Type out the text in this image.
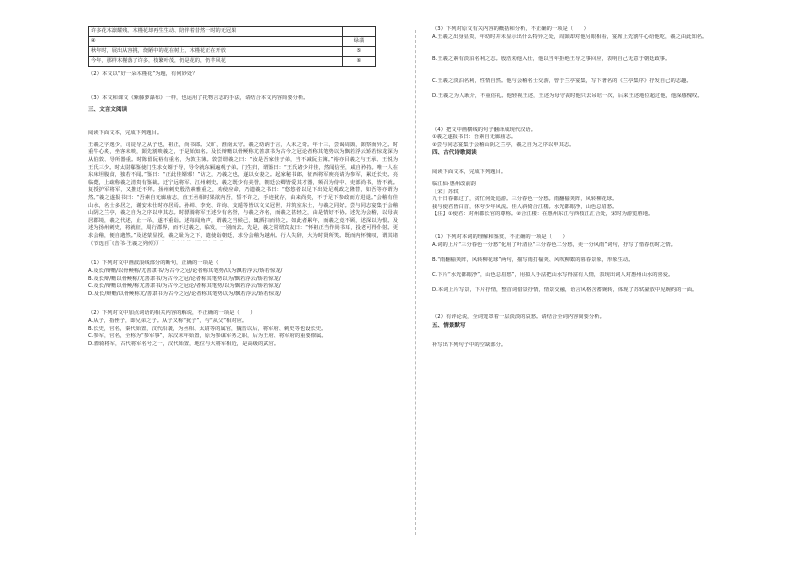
许多花木凛耀残。木槿花却再生生动、陪伴着昔然一时的无冠果	
④	绿翡
秋年时，展出从容挑，烧陋中的花在树上，木槿花正在开放	⑤
今年，那样木槿落了许多，枝繁叶茂，仍是花的，仍芊风花	⑥
（2）本文以“好一朵木槿花”为题，有何妙处？
（3）本文和课文《紫藤萝瀑布》一样，也运用了托物言志的手法，请结合本文内容简要分析。
三、文言文阅读
阅读下面文本，完成下列题目。
王羲之字逸少，司徒导之从子也，祖正，尚书郎。父旷，淮南太守。羲之幼讷于言，人未之奇。年十三，尝谒周顗，顗察而异之。时重牛心炙，坐客未啖，顗先割啖羲之，于是始知名。及长辩赡以骨鲠称尤善隶书为古今之冠论者称其笔势以为飘若浮云矫若惊龙深为从伯敦、导所器重。时陈留阮裕有重名，为敦主簿。敦尝谓羲之曰：“汝是吾家佳子弟，当不减阮主簿。”裕亦目羲之与王承、王悦为王氏三少。时太尉郗鉴使门生求女婿于导，导令就东厢遍观子弟。门生归，谓鉴曰：“王氏诸少并佳，然闻信至，咸自矜持。唯一人在东床坦腹食，独若不闻。”鉴曰：“正此佳婿邪！”访之，乃羲之也，遂以女妻之。起家秘书郎，征西将军庾亮请为参军，累迁长史。亮临薨，上疏称羲之清贵有鉴裁。迁宁远将军、江州刺史。羲之既少有美誉，朝廷公卿皆爱其才器，频召为侍中、吏部尚书，皆不就。复授护军将军，又推迁不拜。扬州刺史殷浩素雅重之，劝使应命，乃遗羲之书曰：“悠悠者以足下出处足观政之隆替，如吾等亦谓为然。”羲之遂报书曰：“吾素自无廊庙志，直王丞相时果欲内吾，誓不许之，手迹犹存，由来尚矣，不于足下参政而方进退。”会稽有佳山水，名士多居之，谢安未仕时亦居焉。孙绰、李充、许询、支遁等皆以文义冠世，并筑室东土，与羲之同好。尝与同志宴集于会稽山阴之兰亭，羲之自为之序以申其志。时骠骑将军王述少有名誉，与羲之齐名，而羲之甚轻之，由是情好不协。述先为会稽，以母丧居郡境，羲之代述，止一吊，遂不重诣。述每闻角声，谓羲之当候己，辄洒扫而待之。如此者累年，而羲之竟不顾，述深以为恨。及述为扬州刺史，将就征，周行郡界，而不过羲之，临发，一别而去。先是，羲之常谓宾友曰：“怀祖正当作尚书耳，投老可得仆射。更求会稽，便自邈然。”及述蒙显授，羲之耻为之下，遣使诣朝廷，求分会稽为越州。行人失辞，大为时贤所笑。既而内怀愧叹，谓其诸
（节选自《晋书·王羲之列传》）
（1）下列对文中画波浪线部分的断句，正确的一项是（　　）
A.及长/辩赡/以骨鲠称/尤善隶书/为古今之冠/论者称其笔势/以为飘若浮云/矫若惊龙/
B.及长辩/赡以骨鲠称/尤善隶书/为古今之冠/论者称其笔势以为/飘若浮云/矫若惊龙/
C.及长/辩赡以骨鲠/称尤善隶书/为古今之冠论/者称其笔势/以为飘若浮云/矫若惊龙/
D.及长/辩赡/以骨鲠称尤/善隶书为古今之冠/论者称其笔势以为/飘若浮云/矫若惊龙/
（2）下列对文中加点词语的相关内容的解说，不正确的一项是（　　）
A.从子，指侄子，即兄弟之子。从子又称“犹子”，与“从父”相对应。
B.长史，官名，秦代始置，汉代沿袭，为丞相、太尉等的属官，魏晋以后，将军府、刺史等也设长史。
C.参军，官名，全称为“参军事”，东汉末年始置，原为参谋军务之职，后为王府、将军府的重要僚属。
D.骠骑将军，古代将军名号之一，汉代始置，地位与大将军相近，是高级的武官。
（3）下列对原文有关内容的概括和分析，不正确的一项是（　　）
A.王羲之出身显贵，年幼时并未显示出什么特异之处，周顗却对他另眼相看，宴席上先割牛心给他吃，羲之由此知名。
B.王羲之素有淡泊名利之志。殷浩劝他入仕，他以当年拒绝王导之事回应，表明自己无意于朝廷政事。
C.王羲之淡泊名利，性情自然。他与会稽名士交游，曾于兰亭宴集，写下著名的《兰亭集序》抒发自己的志趣。
D.王羲之为人耿介，不重俗礼。他轻视王述，王述为母守丧时他只去吊唁一次，后来王述地位超过他，他深感愧叹。
（4）把文中画横线的句子翻译成现代汉语。
①羲之遂报书曰：吾素自无廊庙志。
②尝与同志宴集于会稽山阴之兰亭，羲之自为之序以申其志。
四、古代诗歌阅读
阅读下面文本，完成下列题目。
临江仙·惠州改前韵
［宋］苏轼
九十日春都过了，贪忙何处追游。三分春色一分愁。雨翻榆荚阵，风转柳花球。
我与使君皆白首，休夸少年风流。佳人斜倚合江楼。水光都眼净，山色总眉愁。
【注】①使君：对州郡长官的尊称。②合江楼：在惠州东江与西枝江汇合处，宋时为游览胜地。
（1）下列对本词的理解和鉴赏，不正确的一项是（　　）
A.词的上片“三分春色一分愁”化用了叶清臣“三分春色二分愁，更一分风雨”词句，抒写了惜春伤时之情。
B.“雨翻榆荚阵，风转柳花球”两句，描写雨打榆荚、风吹柳絮的暮春景象，形象生动。
C.下片“水光都眼净”，山色总眉愁”，用拟人手法把山水写得富有人情，表现出词人对惠州山水的喜爱。
D.本词上片写景，下片抒情，整首词借景抒情，情景交融，语言风格含蓄婉转，体现了苏轼豪放中见婉约的一面。
（2）有评论说，全词笼罩着一层淡淡的哀愁。请结合全词内容简要分析。
五、情景默写
补写出下列句子中的空缺部分。
